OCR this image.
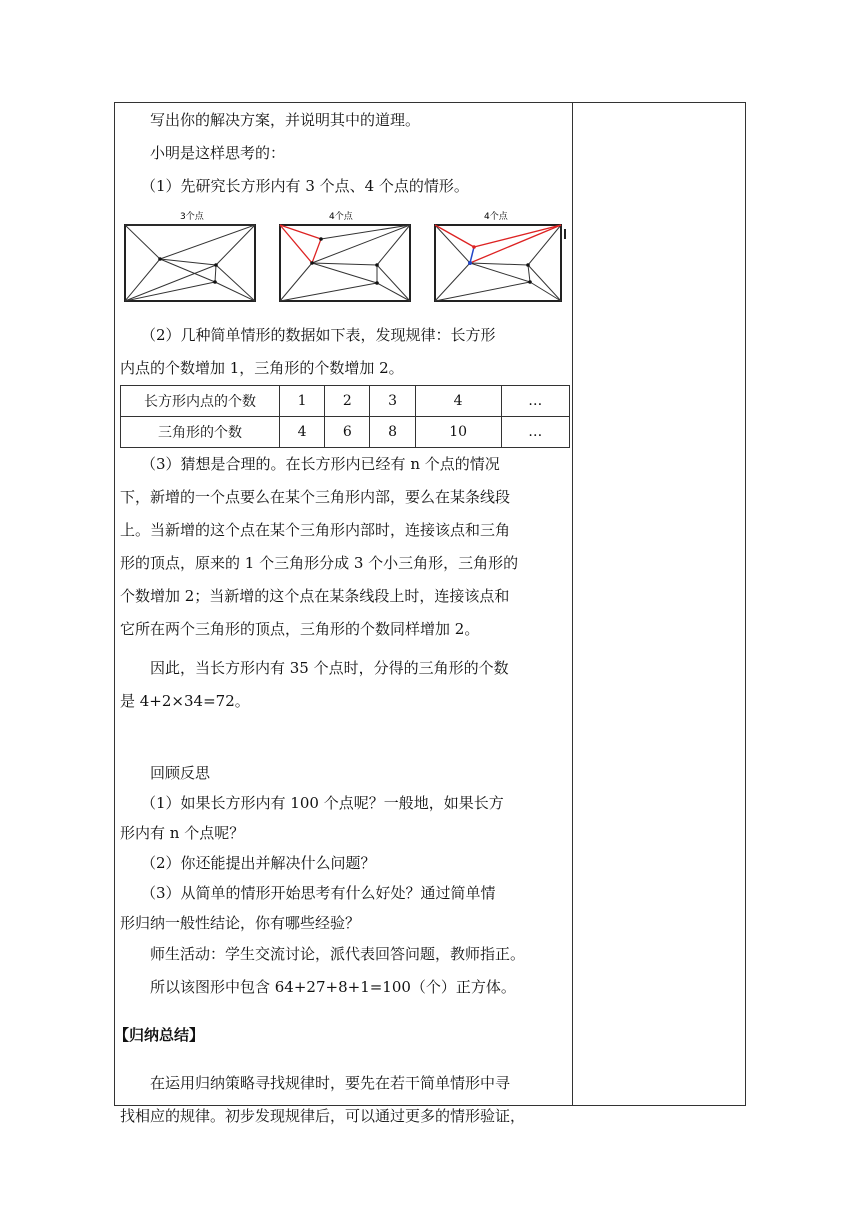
写出你的解决方案，并说明其中的道理。

小明是这样思考的：

（1）先研究长方形内有 3 个点、4 个点的情形。

3个点	4个点	4个点

（2）几种简单情形的数据如下表，发现规律：长方形

内点的个数增加 1，三角形的个数增加 2。

长方形内点的个数	1	2	3	4	…
三角形的个数	4	6	8	10	…

（3）猜想是合理的。在长方形内已经有 n 个点的情况

下，新增的一个点要么在某个三角形内部，要么在某条线段

上。当新增的这个点在某个三角形内部时，连接该点和三角

形的顶点，原来的 1 个三角形分成 3 个小三角形，三角形的

个数增加 2；当新增的这个点在某条线段上时，连接该点和

它所在两个三角形的顶点，三角形的个数同样增加 2。

因此，当长方形内有 35 个点时，分得的三角形的个数

是 4+2×34=72。

回顾反思

（1）如果长方形内有 100 个点呢？一般地，如果长方

形内有 n 个点呢？

（2）你还能提出并解决什么问题？

（3）从简单的情形开始思考有什么好处？通过简单情

形归纳一般性结论，你有哪些经验？

师生活动：学生交流讨论，派代表回答问题，教师指正。

所以该图形中包含 64+27+8+1=100（个）正方体。

【归纳总结】

在运用归纳策略寻找规律时，要先在若干简单情形中寻

找相应的规律。初步发现规律后，可以通过更多的情形验证，
